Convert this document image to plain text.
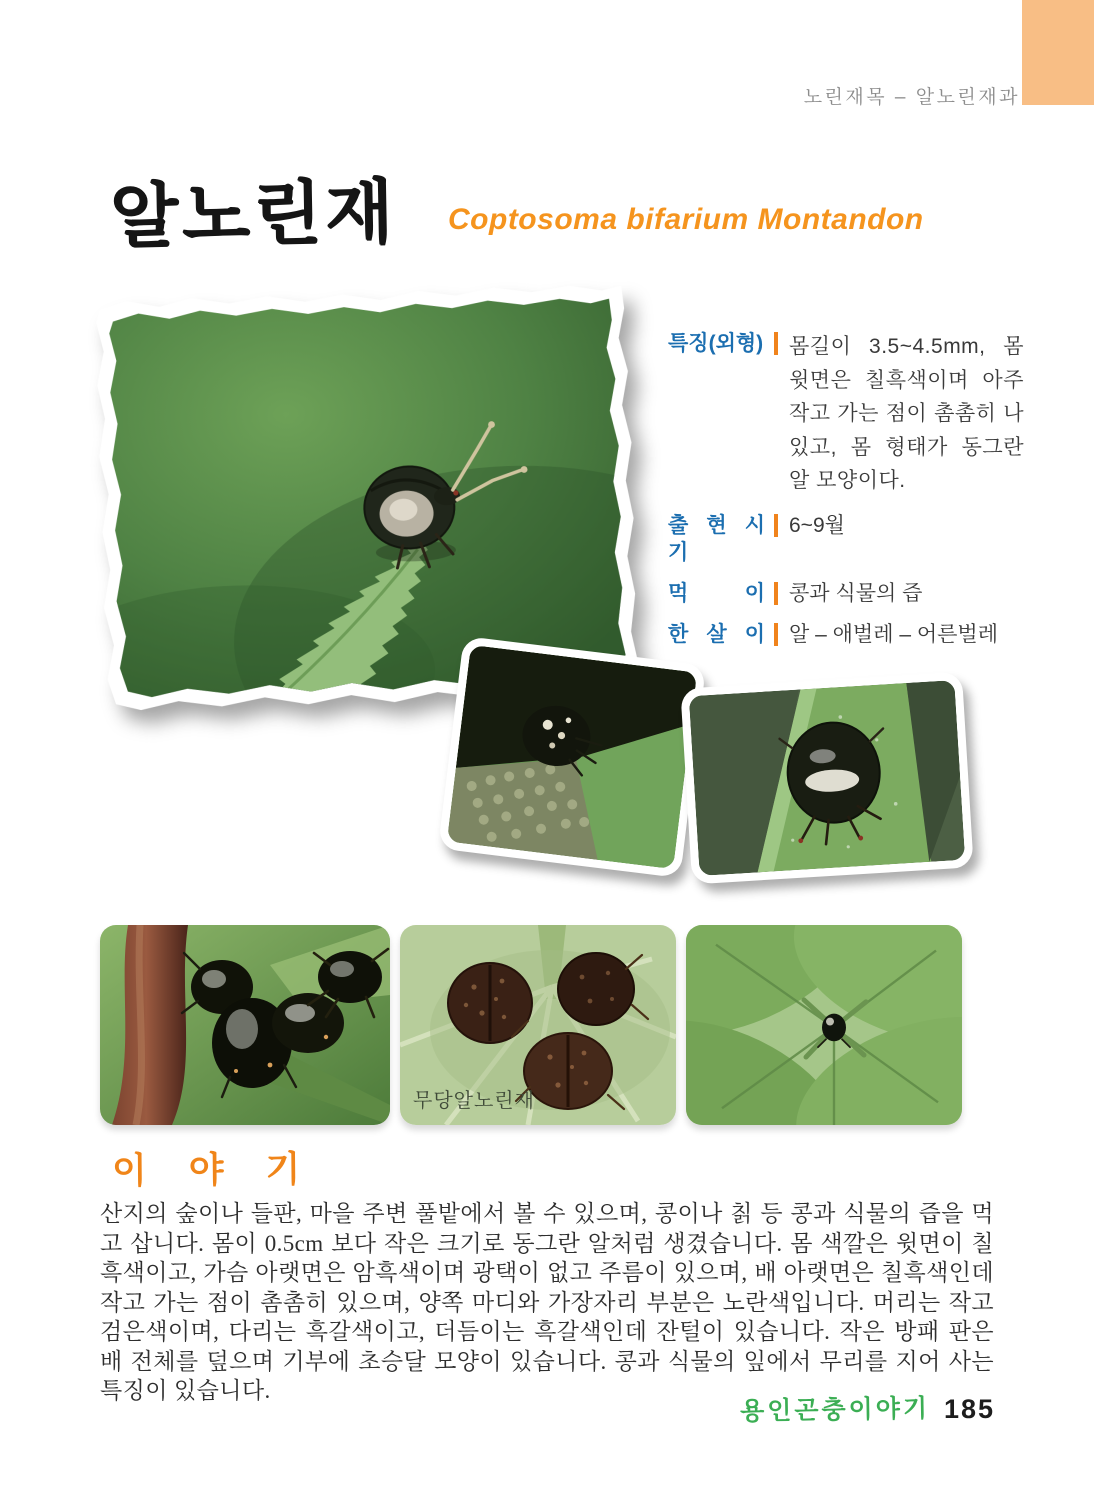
노린재목 – 알노린재과
알노린재 Coptosoma bifarium Montandon
무당알노린재
특징(외형) 몸길이 3.5~4.5mm, 몸 윗면은 칠흑색이며 아주 작고 가는 점이 촘촘히 나 있고, 몸 형태가 동그란 알 모양이다.
출 현 시 기
6~9월
먹 이 콩과 식물의 즙
한 살 이 알 – 애벌레 – 어른벌레
이 야 기
산지의 숲이나 들판, 마을 주변 풀밭에서 볼 수 있으며, 콩이나 칡 등 콩과 식물의 즙을 먹고 삽니다. 몸이 0.5cm 보다 작은 크기로 동그란 알처럼 생겼습니다. 몸 색깔은 윗면이 칠흑색이고, 가슴 아랫면은 암흑색이며 광택이 없고 주름이 있으며, 배 아랫면은 칠흑색인데 작고 가는 점이 촘촘히 있으며, 양쪽 마디와 가장자리 부분은 노란색입니다. 머리는 작고 검은색이며, 다리는 흑갈색이고, 더듬이는 흑갈색인데 잔털이 있습니다. 작은 방패 판은 배 전체를 덮으며 기부에 초승달 모양이 있습니다. 콩과 식물의 잎에서 무리를 지어 사는 특징이 있습니다.
용인곤충이야기 185
